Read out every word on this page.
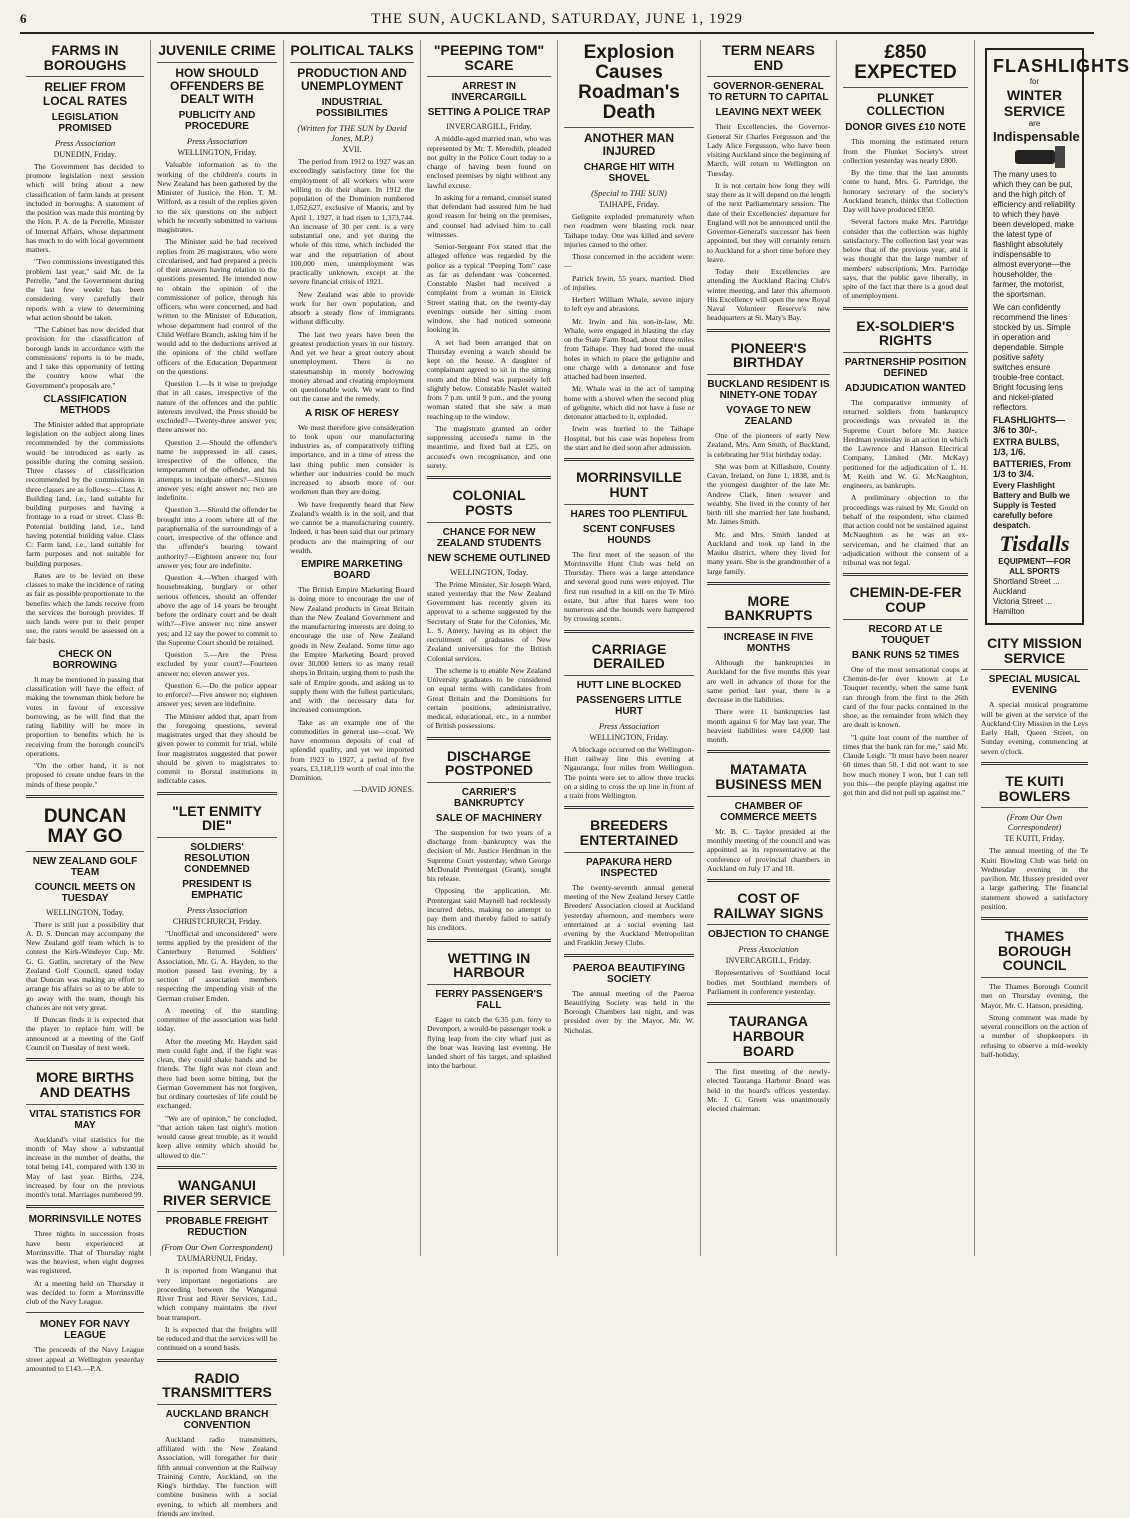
6	THE SUN, AUCKLAND, SATURDAY, JUNE 1, 1929
FARMS IN BOROUGHS
RELIEF FROM LOCAL RATES
LEGISLATION PROMISED
Press Association
DUNEDIN, Friday.

The Government has decided to promote legislation next session which will bring about a new classification of farm lands at present included in boroughs. A statement of the position was made this morning by the Hon. P. A. de la Perrelle, Minister of Internal Affairs, whose department has much to do with local government matters.

"Two commissions investigated this problem last year," said Mr. de la Perrelle, "and the Government during the last few weeks has been considering very carefully their reports with a view to determining what action should be taken.

"The Cabinet has now decided that provision for the classification of borough lands in accordance with the commissions' reports is to be made, and I take this opportunity of letting the country know what the Government's proposals are."

CLASSIFICATION METHODS

The Minister added that appropriate legislation on the subject along lines recommended by the commissions would be introduced as early as possible during the coming session. Three classes of classification recommended by the commissions in three classes are as follows:—Class A: Building land, i.e., land suitable for building purposes and having a frontage to a road or street. Class B: Potential building land, i.e., land having potential building value. Class C: Farm land, i.e., land suitable for farm purposes and not suitable for building purposes.

Rates are to be levied on these classes to make the incidence of rating as fair as possible proportionate to the benefits which the lands receive from the services the borough provides. If such lands were put to their proper use, the rates would be assessed on a fair basis.

CHECK ON BORROWING

It may be mentioned in passing that classification will have the effect of making the townsman think before he votes in favour of excessive borrowing, as he will find that the rating liability will be more in proportion to benefits which he is receiving from the borough council's operations.

"On the other hand, it is not proposed to create undue fears in the minds of these people."

DUNCAN MAY GO
NEW ZEALAND GOLF TEAM
COUNCIL MEETS ON TUESDAY
WELLINGTON, Today.

There is still just a possibility that A. D. S. Duncan may accompany the New Zealand golf team which is to contest the Kirk-Windeyer Cup. Mr. G. G. Gatlin, secretary of the New Zealand Golf Council, stated today that Duncan was making an effort to arrange his affairs so as to be able to go away with the team, though his chances are not very great.

If Duncan finds it is expected that the player to replace him will be announced at a meeting of the Golf Council on Tuesday of next week.

MORE BIRTHS AND DEATHS
VITAL STATISTICS FOR MAY

Auckland's vital statistics for the month of May show a substantial increase in the number of deaths, the total being 141, compared with 130 in May of last year. Births, 224, increased by four on the previous month's total. Marriages numbered 99.

MORRINSVILLE NOTES

Three nights in succession frosts have been experienced at Morrinsville. That of Thursday night was the heaviest, when eight degrees was registered.

At a meeting held on Thursday it was decided to form a Morrinsville club of the Navy League.

MONEY FOR NAVY LEAGUE

The proceeds of the Navy League street appeal at Wellington yesterday amounted to £143.—P.A.

JUVENILE CRIME
HOW SHOULD OFFENDERS BE DEALT WITH
PUBLICITY AND PROCEDURE
Press Association
WELLINGTON, Friday.

Valuable information as to the working of the children's courts in New Zealand has been gathered by the Minister of Justice, the Hon. T. M. Wilford, as a result of the replies given to the six questions on the subject which he recently submitted to various magistrates.

The Minister said he had received replies from 26 magistrates, who were circularised, and had prepared a precis of their answers having relation to the questions presented. He intended now to obtain the opinion of the commissioner of police, through his officers, who were concerned, and had written to the Minister of Education, whose department had control of the Child Welfare Branch, asking him if he would add to the deductions arrived at the opinions of the child welfare officers of the Education Department on the questions.

Question 1.—Is it wise to prejudge that in all cases, irrespective of the nature of the offences and the public interests involved, the Press should be excluded?—Twenty-three answer yes; three answer no.

Question 2.—Should the offender's name be suppressed in all cases, irrespective of the offence, the temperament of the offender, and his attempts to inculpate others?—Sixteen answer yes; eight answer no; two are indefinite.

Question 3.—Should the offender be brought into a room where all of the paraphernalia of the surroundings of a court, irrespective of the offence and the offender's bearing toward authority?—Eighteen answer no; four answer yes; four are indefinite.

Question 4.—When charged with housebreaking, burglary or other serious offences, should an offender above the age of 14 years be brought before the ordinary court and be dealt with?—Five answer no; nine answer yes; and 12 say the power to commit to the Supreme Court should be retained.

Question 5.—Are the Press excluded by your court?—Fourteen answer no; eleven answer yes.

Question 6.—Do the police appear to enforce?—Five answer no; eighteen answer yes; seven are indefinite.

The Minister added that, apart from the foregoing questions, several magistrates urged that they should be given power to commit for trial, while four magistrates suggested that power should be given to magistrates to commit to Borstal institutions in indictable cases.

"LET ENMITY DIE"
SOLDIERS' RESOLUTION CONDEMNED
PRESIDENT IS EMPHATIC
Press Association
CHRISTCHURCH, Friday.

"Unofficial and unconsidered" were terms applied by the president of the Canterbury Returned Soldiers' Association, Mr. G. A. Hayden, to the motion passed last evening by a section of association members respecting the impending visit of the German cruiser Emden.

A meeting of the standing committee of the association was held today.

After the meeting Mr. Hayden said men could fight and, if the fight was clean, they could shake hands and be friends. The fight was not clean and there had been some bitting, but the German Government has not forgiven, but ordinary courtesies of life could be exchanged.

"We are of opinion," he concluded, "that action taken last night's motion would cause great trouble, as it would keep alive enmity which should be allowed to die."

WANGANUI RIVER SERVICE
PROBABLE FREIGHT REDUCTION
(From Our Own Correspondent)
TAUMARUNUI, Friday.

It is reported from Wanganui that very important negotiations are proceeding between the Wanganui River Trust and River Services, Ltd., which company maintains the river boat transport.

It is expected that the freights will be reduced and that the services will be continued on a sound basis.

RADIO TRANSMITTERS
AUCKLAND BRANCH CONVENTION

Auckland radio transmitters, affiliated with the New Zealand Association, will foregather for their fifth annual convention at the Railway Training Centre, Auckland, on the King's birthday. The function will combine business with a social evening, to which all members and friends are invited.

POLITICAL TALKS
PRODUCTION AND UNEMPLOYMENT
INDUSTRIAL POSSIBILITIES
(Written for THE SUN by David Jones, M.P.)
XVII.

The period from 1912 to 1927 was an exceedingly satisfactory time for the employment of all workers who were willing to do their share. In 1912 the population of the Dominion numbered 1,052,627, exclusive of Maoris, and by April 1, 1927, it had risen to 1,373,744. An increase of 30 per cent. is a very substantial one, and yet during the whole of this time, which included the war and the repatriation of about 100,000 men, unemployment was practically unknown, except at the severe financial crisis of 1921.

New Zealand was able to provide work for her own population, and absorb a steady flow of immigrants without difficulty.

The last two years have been the greatest production years in our history. And yet we hear a great outcry about unemployment. There is no statesmanship in merely borrowing money abroad and creating employment on questionable work. We want to find out the cause and the remedy.

A RISK OF HERESY

We must therefore give consideration to look upon our manufacturing industries as, of comparatively trifling importance, and in a time of stress the last thing public men consider is whether our industries could be much increased to absorb more of our workmen than they are doing.

We have frequently heard that New Zealand's wealth is in the soil, and that we cannot be a manufacturing country. Indeed, it has been said that our primary products are the mainspring of our wealth.

EMPIRE MARKETING BOARD

The British Empire Marketing Board is doing more to encourage the use of New Zealand products in Great Britain than the New Zealand Government and the manufacturing interests are doing to encourage the use of New Zealand goods in New Zealand. Some time ago the Empire Marketing Board proved over 30,000 letters to as many retail shops in Britain, urging them to push the sale of Empire goods, and asking us to supply them with the fullest particulars, and with the necessary data for increased consumption.

Take as an example one of the commodities in general use—coal. We have enormous deposits of coal of splendid quality, and yet we imported from 1923 to 1927, a period of five years, £3,118,119 worth of coal into the Dominion.

—DAVID JONES.
"PEEPING TOM" SCARE
ARREST IN INVERCARGILL
SETTING A POLICE TRAP
INVERCARGILL, Friday.

A middle-aged married man, who was represented by Mr. T. Meredith, pleaded not guilty in the Police Court today to a charge of having been found on enclosed premises by night without any lawful excuse.

In asking for a remand, counsel stated that defendant had assured him he had good reason for being on the premises, and counsel had advised him to call witnesses.

Senior-Sergeant Fox stated that the alleged offence was regarded by the police as a typical "Peeping Tom" case as far as defendant was concerned. Constable Naslet had received a complaint from a woman in Eitrick Street stating that, on the twenty-day evenings outside her sitting room window, she had noticed someone looking in.

A set had been arranged that on Thursday evening a watch should be kept on the house. A daughter of complainant agreed to sit in the sitting room and the blind was purposely left slightly below. Constable Naslet waited from 7 p.m. until 9 p.m., and the young woman stated that she saw a man reaching up to the window.

The magistrate granted an order suppressing accused's name in the meantime, and fixed bail at £25, on accused's own recognisance, and one surety.

COLONIAL POSTS
CHANCE FOR NEW ZEALAND STUDENTS
NEW SCHEME OUTLINED
WELLINGTON, Today.

The Prime Minister, Sir Joseph Ward, stated yesterday that the New Zealand Government has recently given its approval to a scheme suggested by the Secretary of State for the Colonies, Mr. L. S. Amery, having as its object the recruitment of graduates of New Zealand universities for the British Colonial services.

The scheme is to enable New Zealand University graduates to be considered on equal terms with candidates from Great Britain and the Dominions for certain positions, administrative, medical, educational, etc., in a number of British possessions.

DISCHARGE POSTPONED
CARRIER'S BANKRUPTCY
SALE OF MACHINERY

The suspension for two years of a discharge from bankruptcy was the decision of Mr. Justice Herdman in the Supreme Court yesterday, when George McDonald Prentergast (Grant), sought his release.

Opposing the application, Mr. Prentergast said Maynell had recklessly incurred debts, making no attempt to pay them and thereby failed to satisfy his creditors.

WETTING IN HARBOUR
FERRY PASSENGER'S FALL

Eager to catch the 6.35 p.m. ferry to Devonport, a would-be passenger took a flying leap from the city wharf just as the boat was leaving last evening. He landed short of his target, and splashed into the harbour.

Explosion Causes Roadman's Death
ANOTHER MAN INJURED
CHARGE HIT WITH SHOVEL
(Special to THE SUN)
TAIHAPE, Friday.

Gelignite exploded prematurely when two roadmen were blasting rock near Taihape today. One was killed and severe injuries caused to the other.

Those concerned in the accident were:—

Patrick Irwin, 55 years, married. Died of injuries.

Herbert William Whale, severe injury to left eye and abrasions.

Mr. Irwin and his son-in-law, Mr. Whale, were engaged in blasting the clay on the State Farm Road, about three miles from Taihape. They had bored the usual holes in which to place the gelignite and one charge with a detonator and fuse attached had been inserted.

Mr. Whale was in the act of tamping home with a shovel when the second plug of gelignite, which did not have a fuse or detonator attached to it, exploded.

Irwin was hurried to the Taihape Hospital, but his case was hopeless from the start and he died soon after admission.

MORRINSVILLE HUNT
HARES TOO PLENTIFUL
SCENT CONFUSES HOUNDS

The first meet of the season of the Morrinsville Hunt Club was held on Thursday. There was a large attendance and several good runs were enjoyed. The first run resulted in a kill on the Te Miro estate, but after that hares were too numerous and the hounds were hampered by crossing scents.

CARRIAGE DERAILED
HUTT LINE BLOCKED
PASSENGERS LITTLE HURT
Press Association
WELLINGTON, Friday.

A blockage occurred on the Wellington-Hutt railway line this evening at Ngauranga, four miles from Wellington. The points were set to allow three trucks on a siding to cross the up line in front of a train from Wellington.

BREEDERS ENTERTAINED
PAPAKURA HERD INSPECTED

The twenty-seventh annual general meeting of the New Zealand Jersey Cattle Breeders' Association closed at Auckland yesterday afternoon, and members were entertained at a social evening last evening by the Auckland Metropolitan and Franklin Jersey Clubs.

PAEROA BEAUTIFYING SOCIETY

The annual meeting of the Paeroa Beautifying Society was held in the Borough Chambers last night, and was presided over by the Mayor, Mr. W. Nicholas.

TERM NEARS END
GOVERNOR-GENERAL TO RETURN TO CAPITAL
LEAVING NEXT WEEK

Their Excellencies, the Governor-General Sir Charles Fergusson and the Lady Alice Fergusson, who have been visiting Auckland since the beginning of March, will return to Wellington on Tuesday.

It is not certain how long they will stay there as it will depend on the length of the next Parliamentary session. The date of their Excellencies' departure for England will not be announced until the Governor-General's successor has been appointed, but they will certainly return to Auckland for a short time before they leave.

Today their Excellencies are attending the Auckland Racing Club's winter meeting, and later this afternoon His Excellency will open the new Royal Naval Volunteer Reserve's new headquarters at St. Mary's Bay.

PIONEER'S BIRTHDAY
BUCKLAND RESIDENT IS NINETY-ONE TODAY
VOYAGE TO NEW ZEALAND

One of the pioneers of early New Zealand, Mrs. Ann Smith, of Buckland, is celebrating her 91st birthday today.

She was born at Killashure, County Cavan, Ireland, on June 1, 1838, and is the youngest daughter of the late Mr. Andrew Clark, linen weaver and wealthy. She lived in the county of her birth till she married her late husband, Mr. James Smith.

Mr. and Mrs. Smith landed at Auckland and took up land in the Mauku district, where they lived for many years. She is the grandmother of a large family.

MORE BANKRUPTS
INCREASE IN FIVE MONTHS

Although the bankruptcies in Auckland for the five months this year are well in advance of those for the same period last year, there is a decrease in the liabilities.

There were 11 bankruptcies last month against 6 for May last year. The heaviest liabilities were £4,000 last month.

MATAMATA BUSINESS MEN
CHAMBER OF COMMERCE MEETS

Mr. B. C. Taylor presided at the monthly meeting of the council and was appointed as its representative at the conference of provincial chambers in Auckland on July 17 and 18.

COST OF RAILWAY SIGNS
OBJECTION TO CHANGE
Press Association
INVERCARGILL, Friday.

Representatives of Southland local bodies met Southland members of Parliament in conference yesterday.

TAURANGA HARBOUR BOARD

The first meeting of the newly-elected Tauranga Harbour Board was held in the board's offices yesterday. Mr. J. G. Green was unanimously elected chairman.

£850 EXPECTED
PLUNKET COLLECTION
DONOR GIVES £10 NOTE

This morning the estimated return from the Plunket Society's street collection yesterday was nearly £800.

By the time that the last amounts come to hand, Mrs. G. Partridge, the honorary secretary of the society's Auckland branch, thinks that Collection Day will have produced £850.

Several factors make Mrs. Partridge consider that the collection was highly satisfactory. The collection last year was below that of the previous year, and it was thought that the large number of members' subscriptions, Mrs. Partridge says, that the public gave liberally, in spite of the fact that there is a good deal of unemployment.

EX-SOLDIER'S RIGHTS
PARTNERSHIP POSITION DEFINED
ADJUDICATION WANTED

The comparative immunity of returned soldiers from bankruptcy proceedings was revealed in the Supreme Court before Mr. Justice Herdman yesterday in an action in which the Lawrence and Hanson Electrical Company, Limited (Mr. McKay) petitioned for the adjudication of L. H. M. Keith and W. G. McNaughton, engineers, as bankrupts.

A preliminary objection to the proceedings was raised by Mr. Gould on behalf of the respondent, who claimed that action could not be sustained against McNaughton as he was an ex-serviceman, and he claimed that an adjudication without the consent of a tribunal was not legal.

CHEMIN-DE-FER COUP
RECORD AT LE TOUQUET
BANK RUNS 52 TIMES

One of the most sensational coups at Chemin-de-fer ever known at Le Touquet recently, when the same bank ran through from the first to the 26th card of the four packs contained in the shoe, as the remainder from which they are dealt is known.

"I quite lost count of the number of times that the bank ran for me," said Mr. Claude Leigh. "It must have been nearer 60 times than 50. I did not want to see how much money I won, but I can tell you this—the people playing against me got thin and did not pull up against me."

FLASHLIGHTS
for
WINTER
SERVICE
are
Indispensable
The many uses to which they can be put, and the high pitch of efficiency and reliability to which they have been developed, make the latest type of flashlight absolutely indispensable to almost everyone—the householder, the farmer, the motorist, the sportsman.
We can confidently recommend the lines stocked by us. Simple in operation and dependable. Simple positive safety switches ensure trouble-free contact. Bright focusing lens and nickel-plated reflectors.
FLASHLIGHTS— 3/6 to 30/-.
EXTRA BULBS, 1/3, 1/6.
BATTERIES, From 1/3 to 3/4.
Every Flashlight Battery and Bulb we Supply is Tested carefully before despatch.
Tisdalls
EQUIPMENT—FOR ALL SPORTS
Shortland Street ... Auckland
Victoria Street ... Hamilton
CITY MISSION SERVICE
SPECIAL MUSICAL EVENING

A special musical programme will be given at the service of the Auckland City Mission in the Leys Early Hall, Queen Street, on Sunday evening, commencing at seven o'clock.

TE KUITI BOWLERS
(From Our Own Correspondent)
TE KUITI, Friday.

The annual meeting of the Te Kuiti Bowling Club was held on Wednesday evening in the pavilion. Mr. Hussey presided over a large gathering. The financial statement showed a satisfactory position.

THAMES BOROUGH COUNCIL

The Thames Borough Council met on Thursday evening, the Mayor, Mr. C. Hanson, presiding.

Strong comment was made by several councillors on the action of a number of shopkeepers in refusing to observe a mid-weekly half-holiday.
